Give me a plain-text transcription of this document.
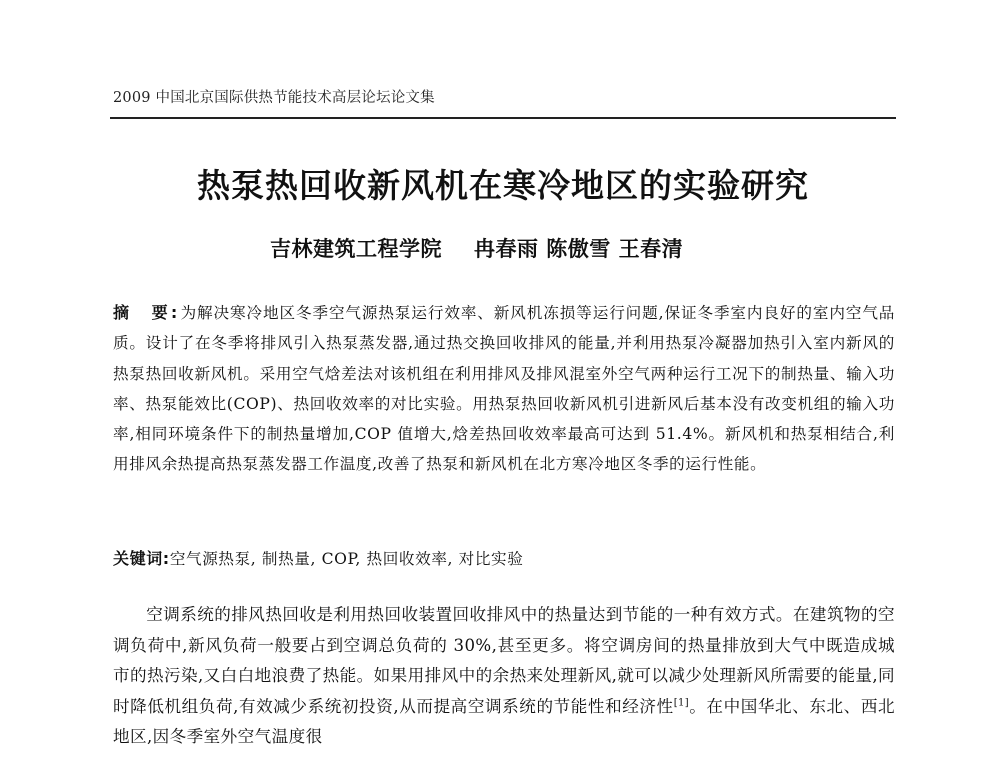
2009 中国北京国际供热节能技术高层论坛论文集
热泵热回收新风机在寒冷地区的实验研究
吉林建筑工程学院 冉春雨 陈傲雪 王春清
摘　要:为解决寒冷地区冬季空气源热泵运行效率、新风机冻损等运行问题,保证冬季室内良好的室内空气品质。设计了在冬季将排风引入热泵蒸发器,通过热交换回收排风的能量,并利用热泵冷凝器加热引入室内新风的热泵热回收新风机。采用空气焓差法对该机组在利用排风及排风混室外空气两种运行工况下的制热量、输入功率、热泵能效比(COP)、热回收效率的对比实验。用热泵热回收新风机引进新风后基本没有改变机组的输入功率,相同环境条件下的制热量增加,COP 值增大,焓差热回收效率最高可达到 51.4%。新风机和热泵相结合,利用排风余热提高热泵蒸发器工作温度,改善了热泵和新风机在北方寒冷地区冬季的运行性能。
关键词:空气源热泵, 制热量, COP, 热回收效率, 对比实验
空调系统的排风热回收是利用热回收装置回收排风中的热量达到节能的一种有效方式。在建筑物的空调负荷中,新风负荷一般要占到空调总负荷的 30%,甚至更多。将空调房间的热量排放到大气中既造成城市的热污染,又白白地浪费了热能。如果用排风中的余热来处理新风,就可以减少处理新风所需要的能量,同时降低机组负荷,有效减少系统初投资,从而提高空调系统的节能性和经济性[1]。在中国华北、东北、西北地区,因冬季室外空气温度很
